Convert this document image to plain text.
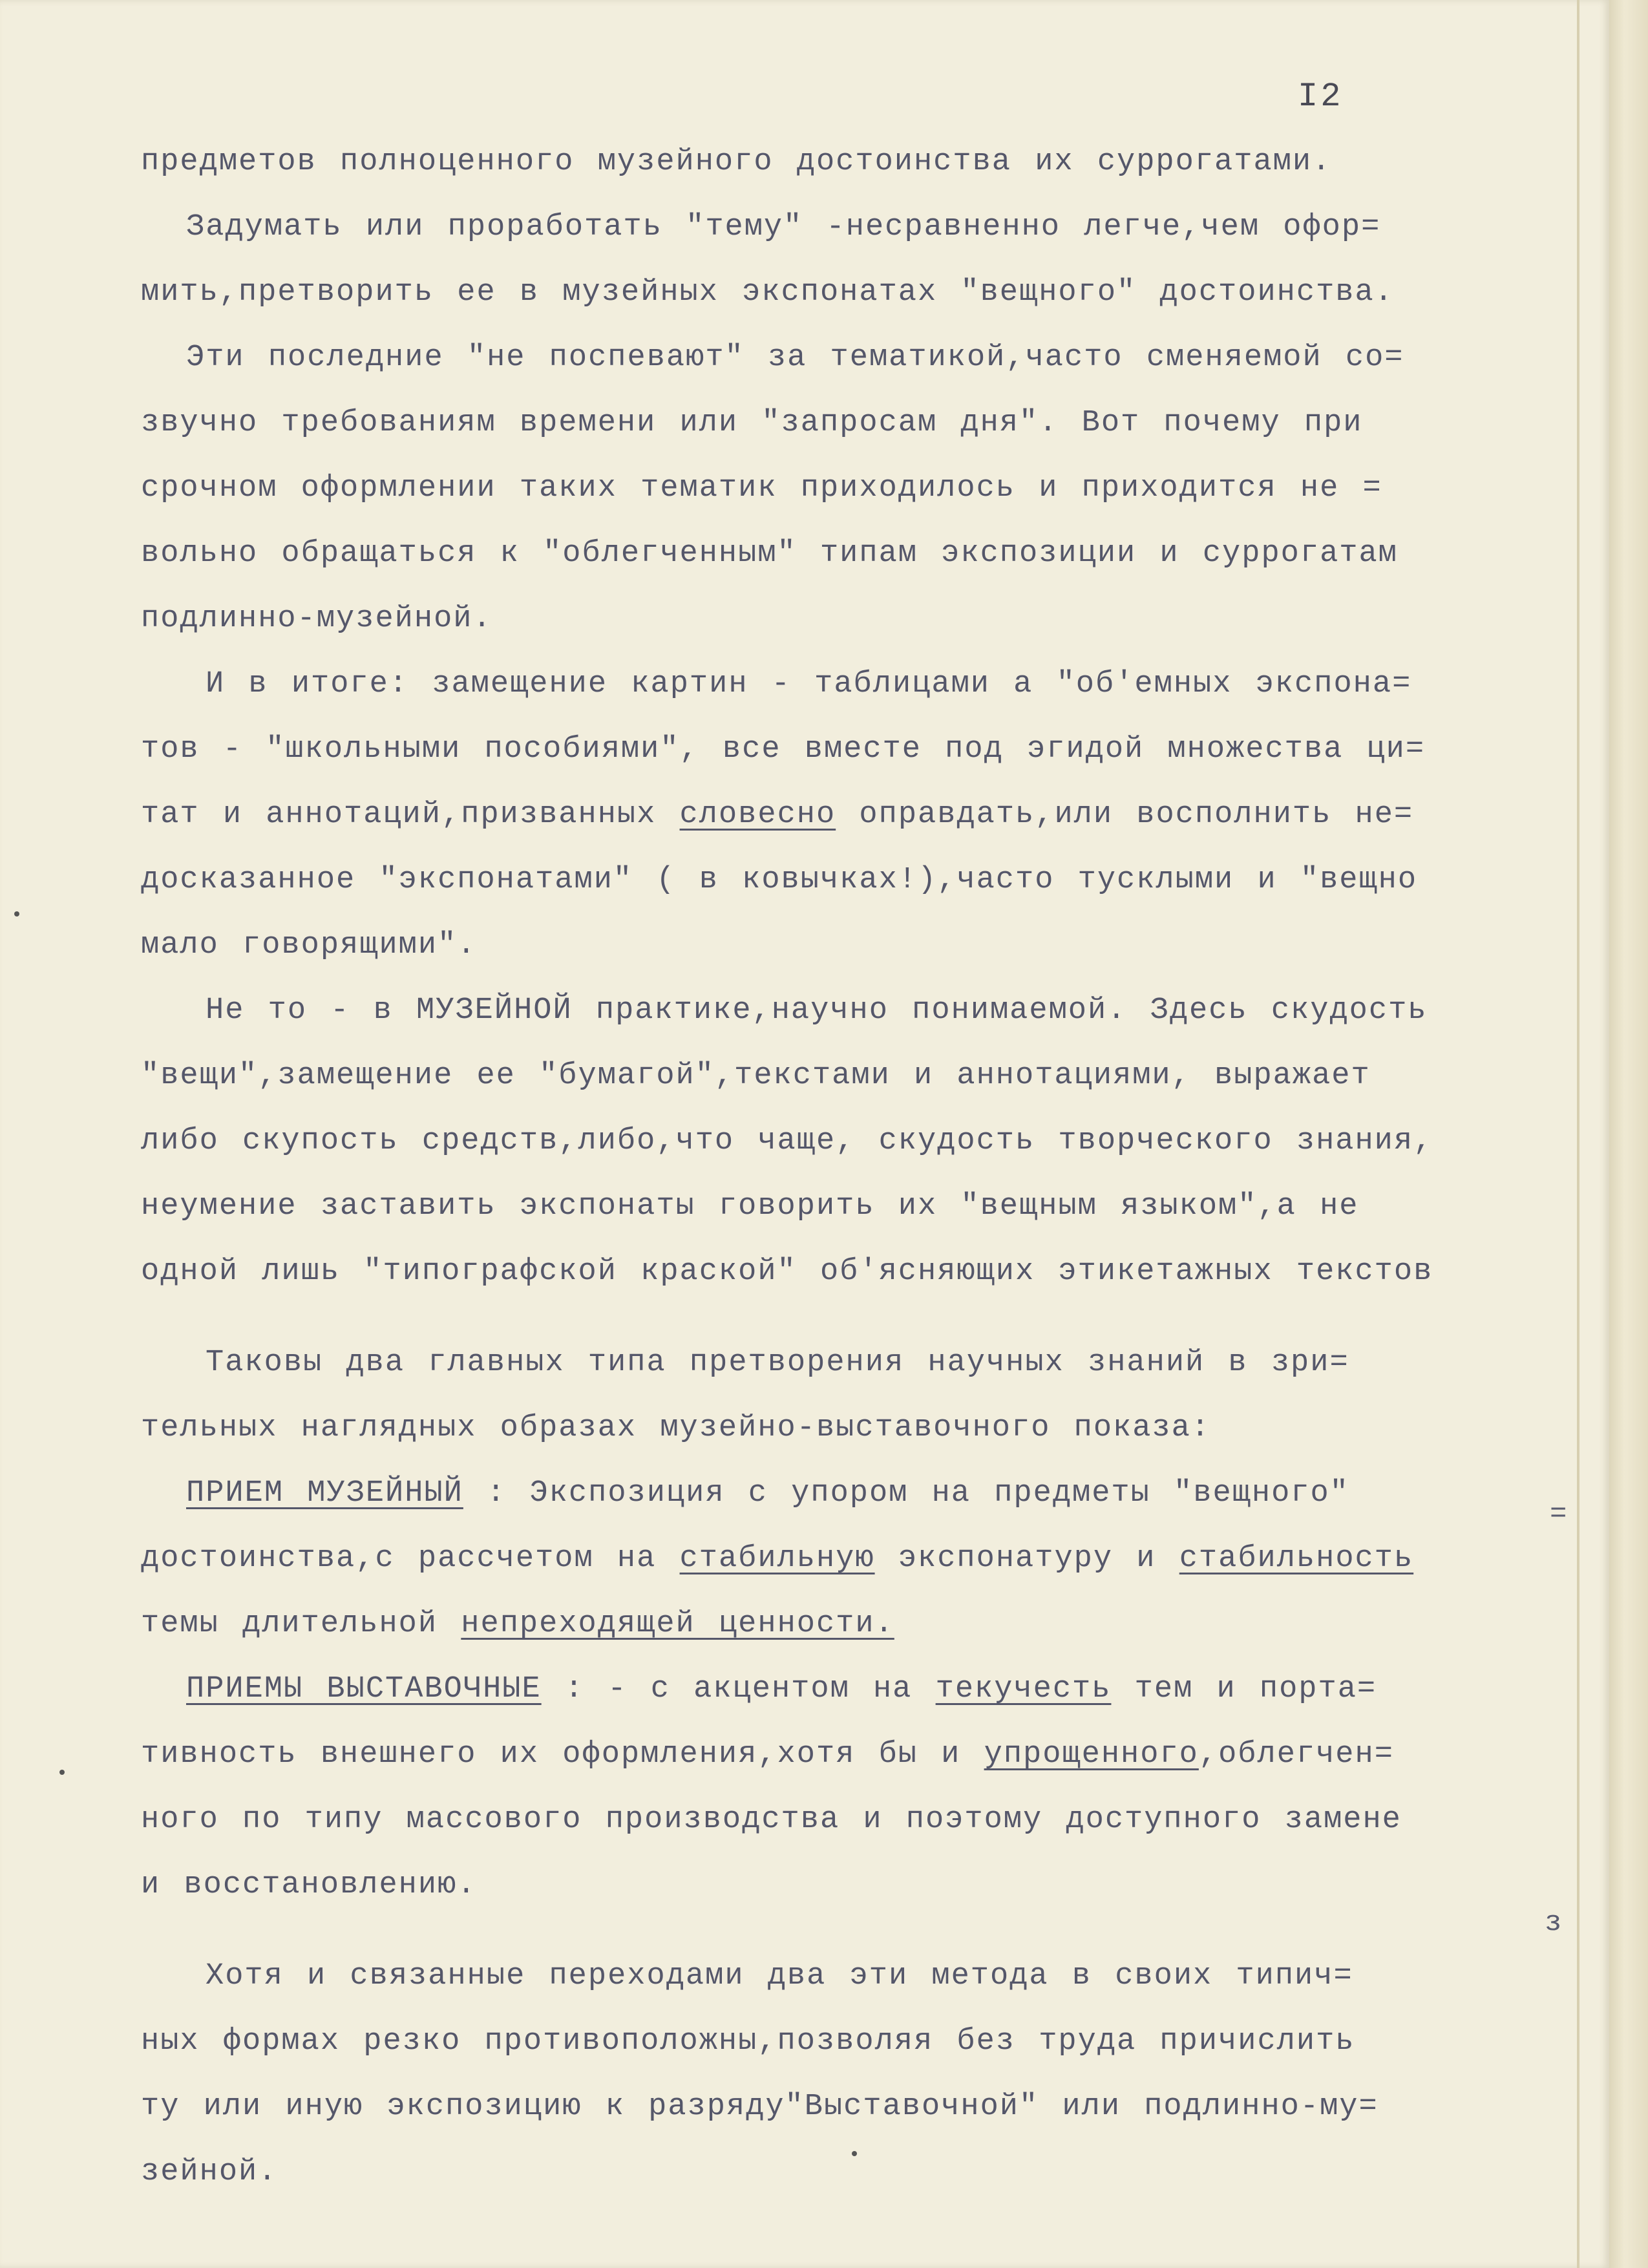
I2
предметов полноценного музейного достоинства их суррогатами.
Задумать или проработать "тему" -несравненно легче,чем офор=
мить,претворить ее в музейных экспонатах "вещного" достоинства.
Эти последние "не поспевают" за тематикой,часто сменяемой со=
звучно требованиям времени или "запросам дня". Вот почему при
срочном оформлении таких тематик приходилось и приходится не =
вольно обращаться к "облегченным" типам экспозиции и суррогатам
подлинно-музейной.
И в итоге: замещение картин - таблицами а "об'емных экспона=
тов - "школьными пособиями", все вместе под эгидой множества ци=
тат и аннотаций,призванных словесно оправдать,или восполнить не=
досказанное "экспонатами" ( в ковычках!),часто тусклыми и "вещно
мало говорящими".
Не то - в МУЗЕЙНОЙ практике,научно понимаемой. Здесь скудость
"вещи",замещение ее "бумагой",текстами и аннотациями, выражает
либо скупость средств,либо,что чаще, скудость творческого знания,
неумение заставить экспонаты говорить их "вещным языком",а не
одной лишь "типографской краской" об'ясняющих этикетажных текстов
Таковы два главных типа претворения научных знаний в зри=
тельных наглядных образах музейно-выставочного показа:
ПРИЕМ МУЗЕЙНЫЙ : Экспозиция с упором на предметы "вещного"
достоинства,с рассчетом на стабильную экспонатуру и стабильность
темы длительной непреходящей ценности.
ПРИЕМЫ ВЫСТАВОЧНЫЕ : - с акцентом на текучесть тем и порта=
тивность внешнего их оформления,хотя бы и упрощенного,облегчен=
ного по типу массового производства и поэтому доступного замене
и восстановлению.
Хотя и связанные переходами два эти метода в своих типич=
ных формах резко противоположны,позволяя без труда причислить
ту или иную экспозицию к разряду"Выставочной" или подлинно-му=
зейной.
=
з
